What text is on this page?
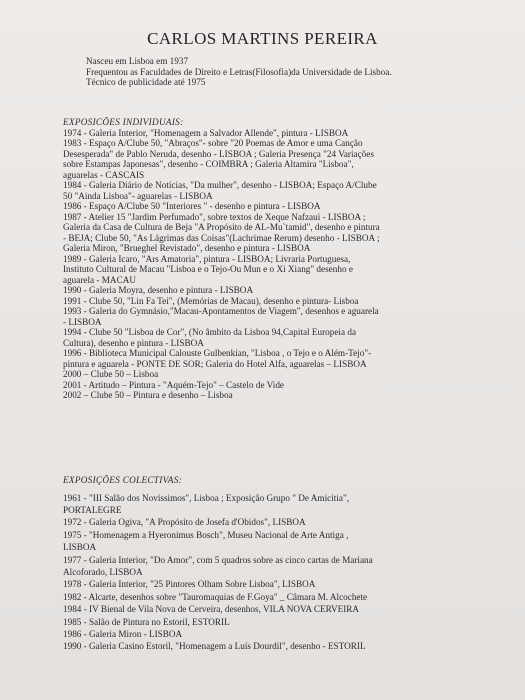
CARLOS MARTINS PEREIRA
Nasceu em Lisboa em 1937
Frequentou as Faculdades de Direito e Letras(Filosofia)da Universidade de Lisboa.
Técnico de publicidade até 1975
EXPOSICÕES INDIVIDUAIS:
1974 - Galeria Interior, "Homenagem a Salvador Allende", pintura - LISBOA
1983 - Espaço A/Clube 50, "Abraços"- sobre "20 Poemas de Amor e uma Canção
Desesperada" de Pablo Neruda, desenho - LISBOA ; Galeria Presença "24 Variações
sobre Estampas Japonesas", desenho - COIMBRA ; Galeria Altamira "Lisboa",
aguarelas - CASCAIS
1984 - Galeria Diário de Notícias, "Da mulher", desenho - LISBOA; Espaço A/Clube
50 "Ainda Lisboa"- aguarelas - LISBOA
1986 - Espaço A/Clube 50 "Interiores " - desenho e pintura - LISBOA
1987 - Atelier 15 "Jardim Perfumado", sobre textos de Xeque Nafzaui - LISBOA ;
Galeria da Casa de Cultura de Beja "A Propósito de AL-Mu`tamid", desenho e pintura
- BEJA; Clube 50, "As Lágrimas das Coisas"(Lachrimae Rerum) desenho - LISBOA ;
Galeria Miron, "Brueghel Revistado", desenho e pintura - LISBOA
1989 - Galeria Icaro, "Ars Amatoria", pintura - LISBOA; Livraria Portuguesa,
Instituto Cultural de Macau "Lisboa e o Tejo-Ou Mun e o Xi Xiang" desenho e
aguarela - MACAU
1990 - Galeria Moyra, desenho e pintura - LISBOA
1991 - Clube 50, "Lin Fa Tei", (Memórias de Macau), desenho e pintura- Lisboa
1993 - Galeria do Gymnásio,"Macau-Apontamentos de Viagem", desenhos e aguarela
- LISBOA
1994 - Clube 50 "Lisboa de Cor", (No âmbito da Lisboa 94,Capital Europeia da
Cultura), desenho e pintura - LISBOA
1996 - Biblioteca Municipal Calouste Gulbenkian, "Lisboa , o Tejo e o Além-Tejo"-
pintura e aguarela - PONTE DE SOR; Galeria do Hotel Alfa, aguarelas – LISBOA
2000 – Clube 50 – Lisboa
2001 - Artitudo – Pintura - "Aquém-Tejo" – Castelo de Vide
2002 – Clube 50 – Pintura e desenho – Lisboa
EXPOSIÇÕES COLECTIVAS:
1961 - "III Salão dos Novíssimos", Lisboa ; Exposição Grupo " De Amicitia",
PORTALEGRE
1972 - Galeria Ogiva, "A Propósito de Josefa d'Obidos", LISBOA
1975 - "Homenagem a Hyeronimus Bosch", Museu Nacional de Arte Antiga ,
LISBOA
1977 - Galeria Interior, "Do Amor", com 5 quadros sobre as cinco cartas de Mariana
Alcoforado, LISBOA
1978 - Galeria Interior, "25 Pintores Olham Sobre Lisboa", LISBOA
1982 - Alcarte, desenhos sobre "Tauromaquias de F.Goya" _ Câmara M. Alcochete
1984 - IV Bienal de Vila Nova de Cerveira, desenhos, VILA NOVA CERVEIRA
1985 - Salão de Pintura no Estoril, ESTORIL
1986 - Galeria Miron - LISBOA
1990 - Galeria Casino Estoril, "Homenagem a Luís Dourdil", desenho - ESTORIL
